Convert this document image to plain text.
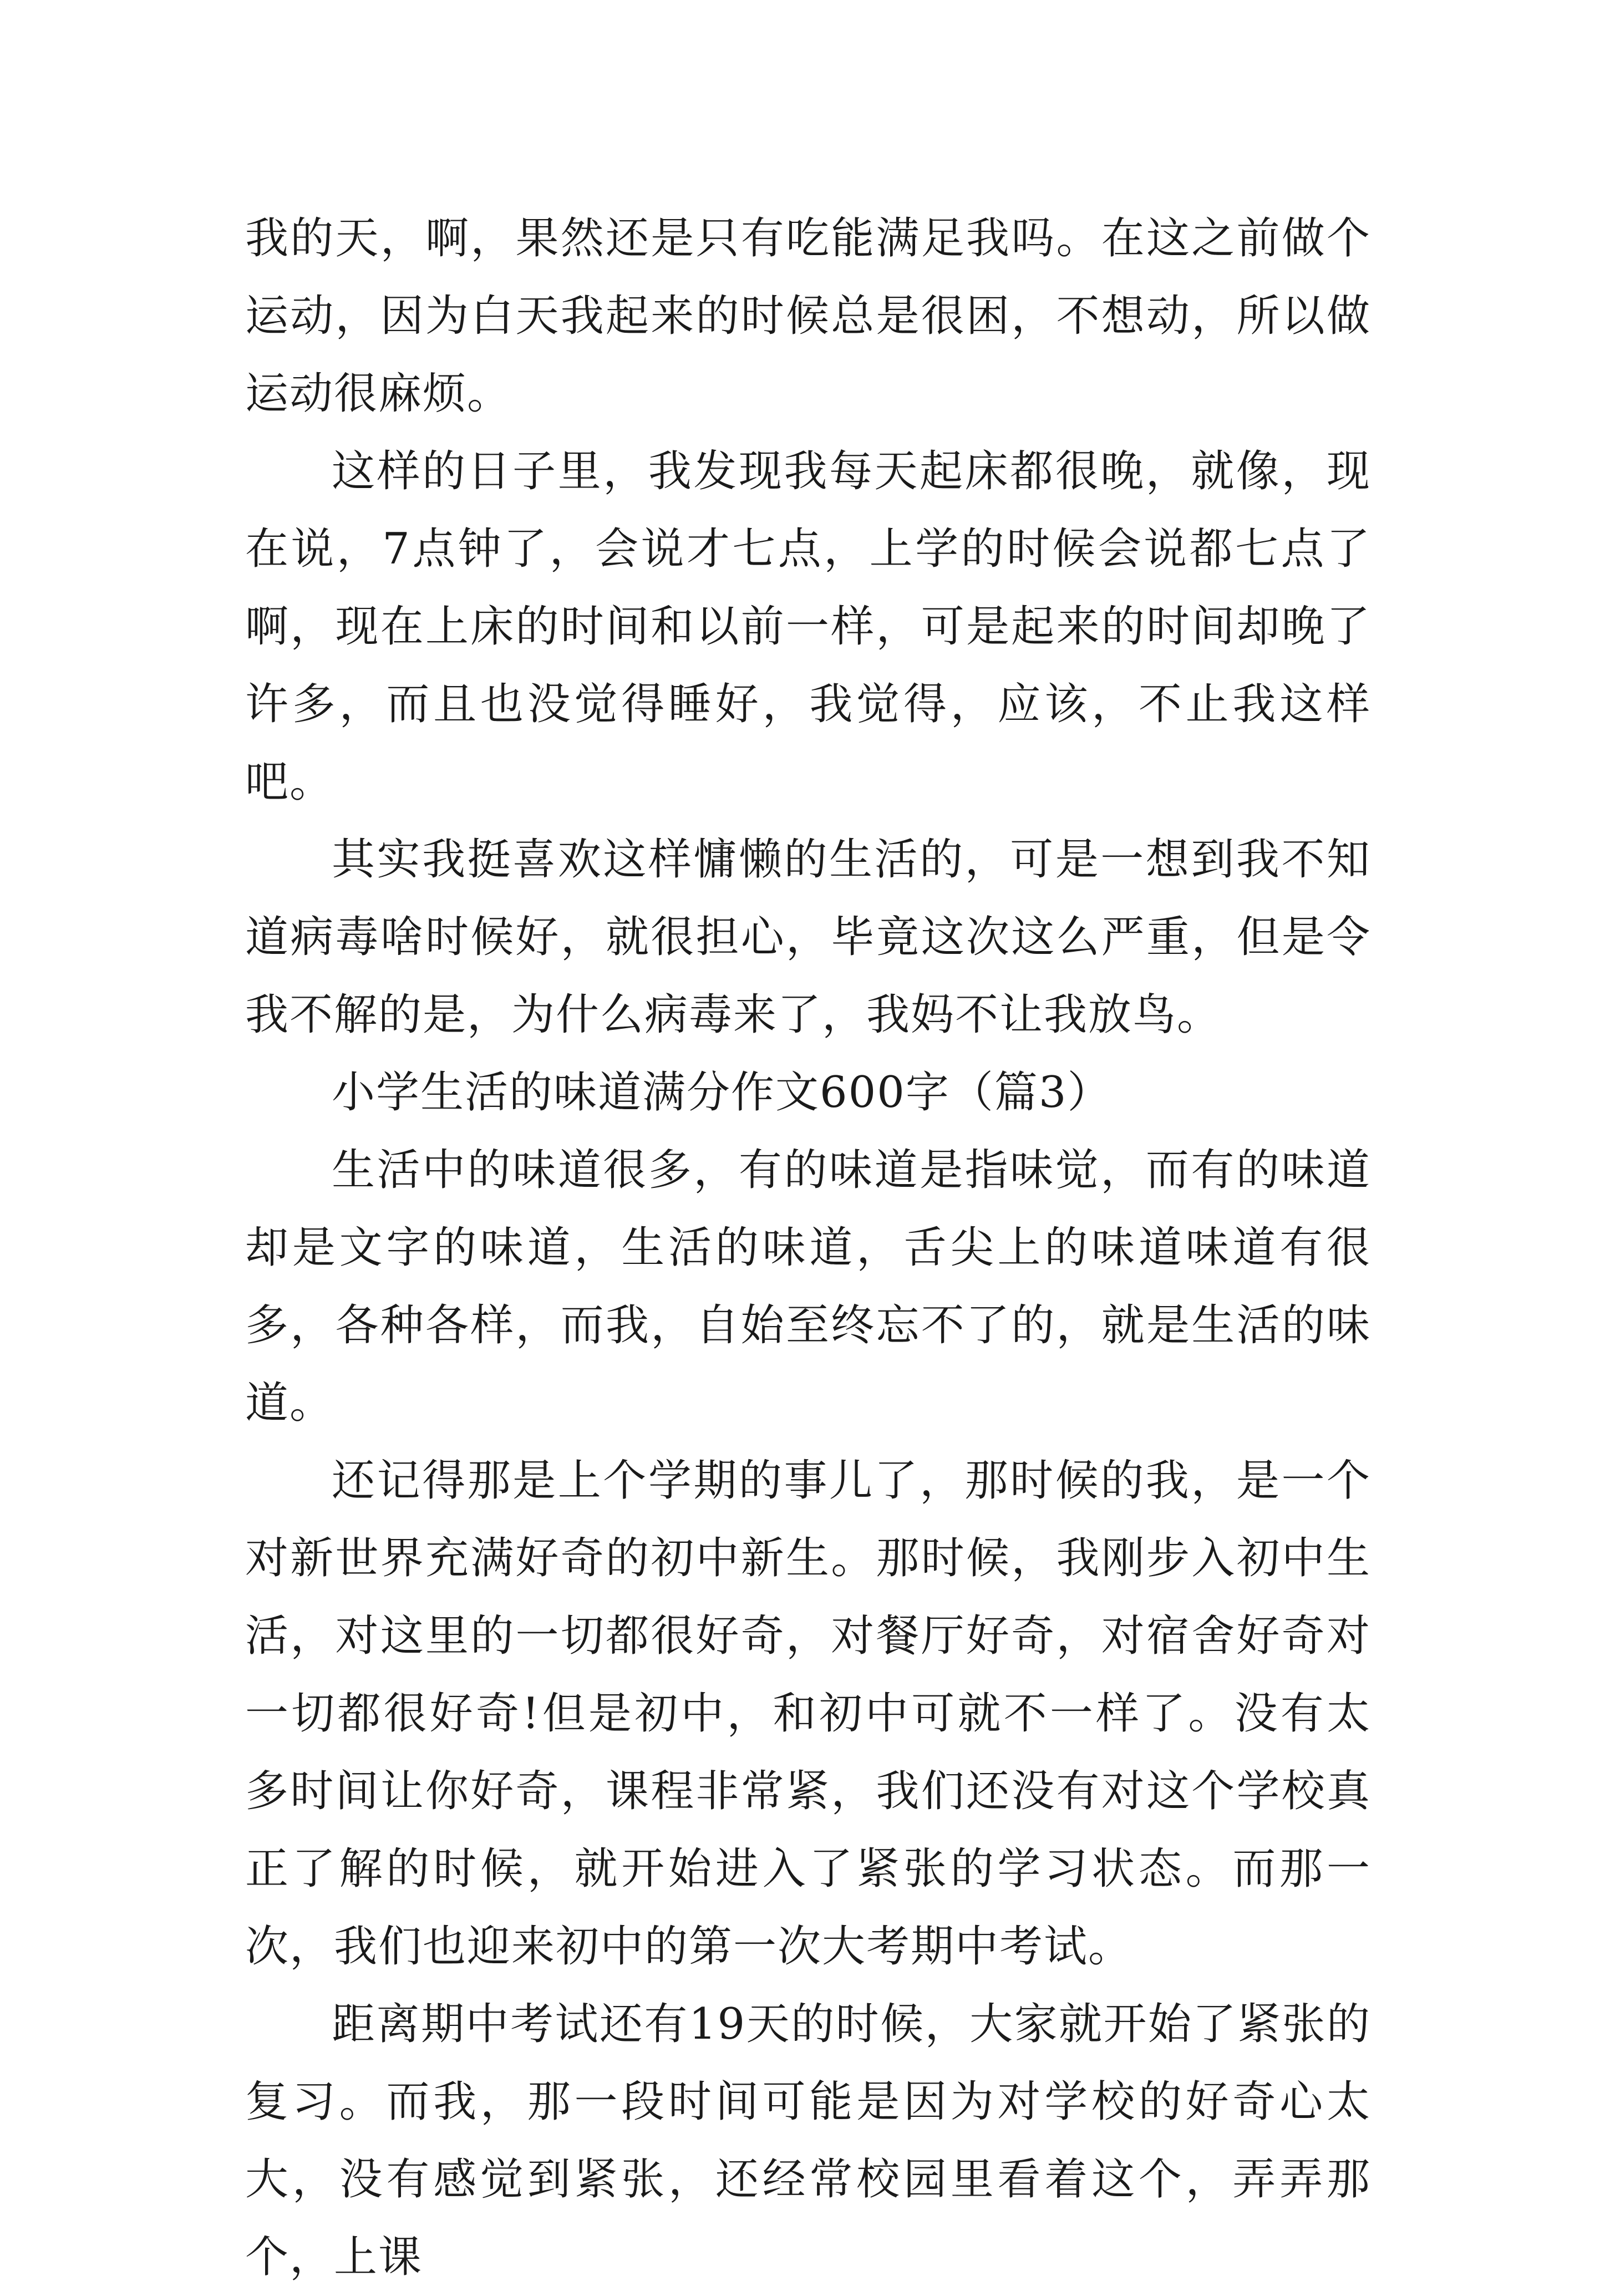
我的天，啊，果然还是只有吃能满足我吗。在这之前做个运动，因为白天我起来的时候总是很困，不想动，所以做运动很麻烦。

这样的日子里，我发现我每天起床都很晚，就像，现在说，7点钟了，会说才七点，上学的时候会说都七点了啊，现在上床的时间和以前一样，可是起来的时间却晚了许多，而且也没觉得睡好，我觉得，应该，不止我这样吧。

其实我挺喜欢这样慵懒的生活的，可是一想到我不知道病毒啥时候好，就很担心，毕竟这次这么严重，但是令我不解的是，为什么病毒来了，我妈不让我放鸟。

小学生活的味道满分作文600字（篇3）

生活中的味道很多，有的味道是指味觉，而有的味道却是文字的味道，生活的味道，舌尖上的味道味道有很多，各种各样，而我，自始至终忘不了的，就是生活的味道。

还记得那是上个学期的事儿了，那时候的我，是一个对新世界充满好奇的初中新生。那时候，我刚步入初中生活，对这里的一切都很好奇，对餐厅好奇，对宿舍好奇对一切都很好奇!但是初中，和初中可就不一样了。没有太多时间让你好奇，课程非常紧，我们还没有对这个学校真正了解的时候，就开始进入了紧张的学习状态。而那一次，我们也迎来初中的第一次大考期中考试。

距离期中考试还有19天的时候，大家就开始了紧张的复习。而我，那一段时间可能是因为对学校的好奇心太大，没有感觉到紧张，还经常校园里看着这个，弄弄那个，上课
